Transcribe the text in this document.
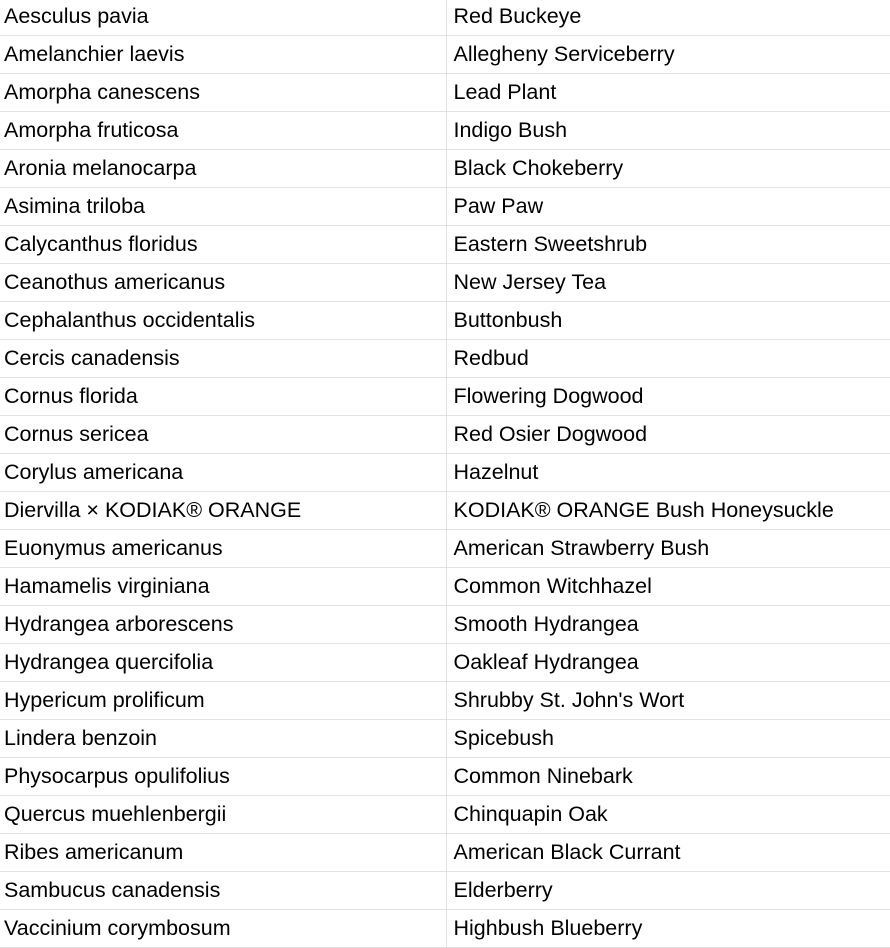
Aesculus pavia	Red Buckeye
Amelanchier laevis	Allegheny Serviceberry
Amorpha canescens	Lead Plant
Amorpha fruticosa	Indigo Bush
Aronia melanocarpa	Black Chokeberry
Asimina triloba	Paw Paw
Calycanthus floridus	Eastern Sweetshrub
Ceanothus americanus	New Jersey Tea
Cephalanthus occidentalis	Buttonbush
Cercis canadensis	Redbud
Cornus florida	Flowering Dogwood
Cornus sericea	Red Osier Dogwood
Corylus americana	Hazelnut
Diervilla × KODIAK® ORANGE	KODIAK® ORANGE Bush Honeysuckle
Euonymus americanus	American Strawberry Bush
Hamamelis virginiana	Common Witchhazel
Hydrangea arborescens	Smooth Hydrangea
Hydrangea quercifolia	Oakleaf Hydrangea
Hypericum prolificum	Shrubby St. John's Wort
Lindera benzoin	Spicebush
Physocarpus opulifolius	Common Ninebark
Quercus muehlenbergii	Chinquapin Oak
Ribes americanum	American Black Currant
Sambucus canadensis	Elderberry
Vaccinium corymbosum	Highbush Blueberry
